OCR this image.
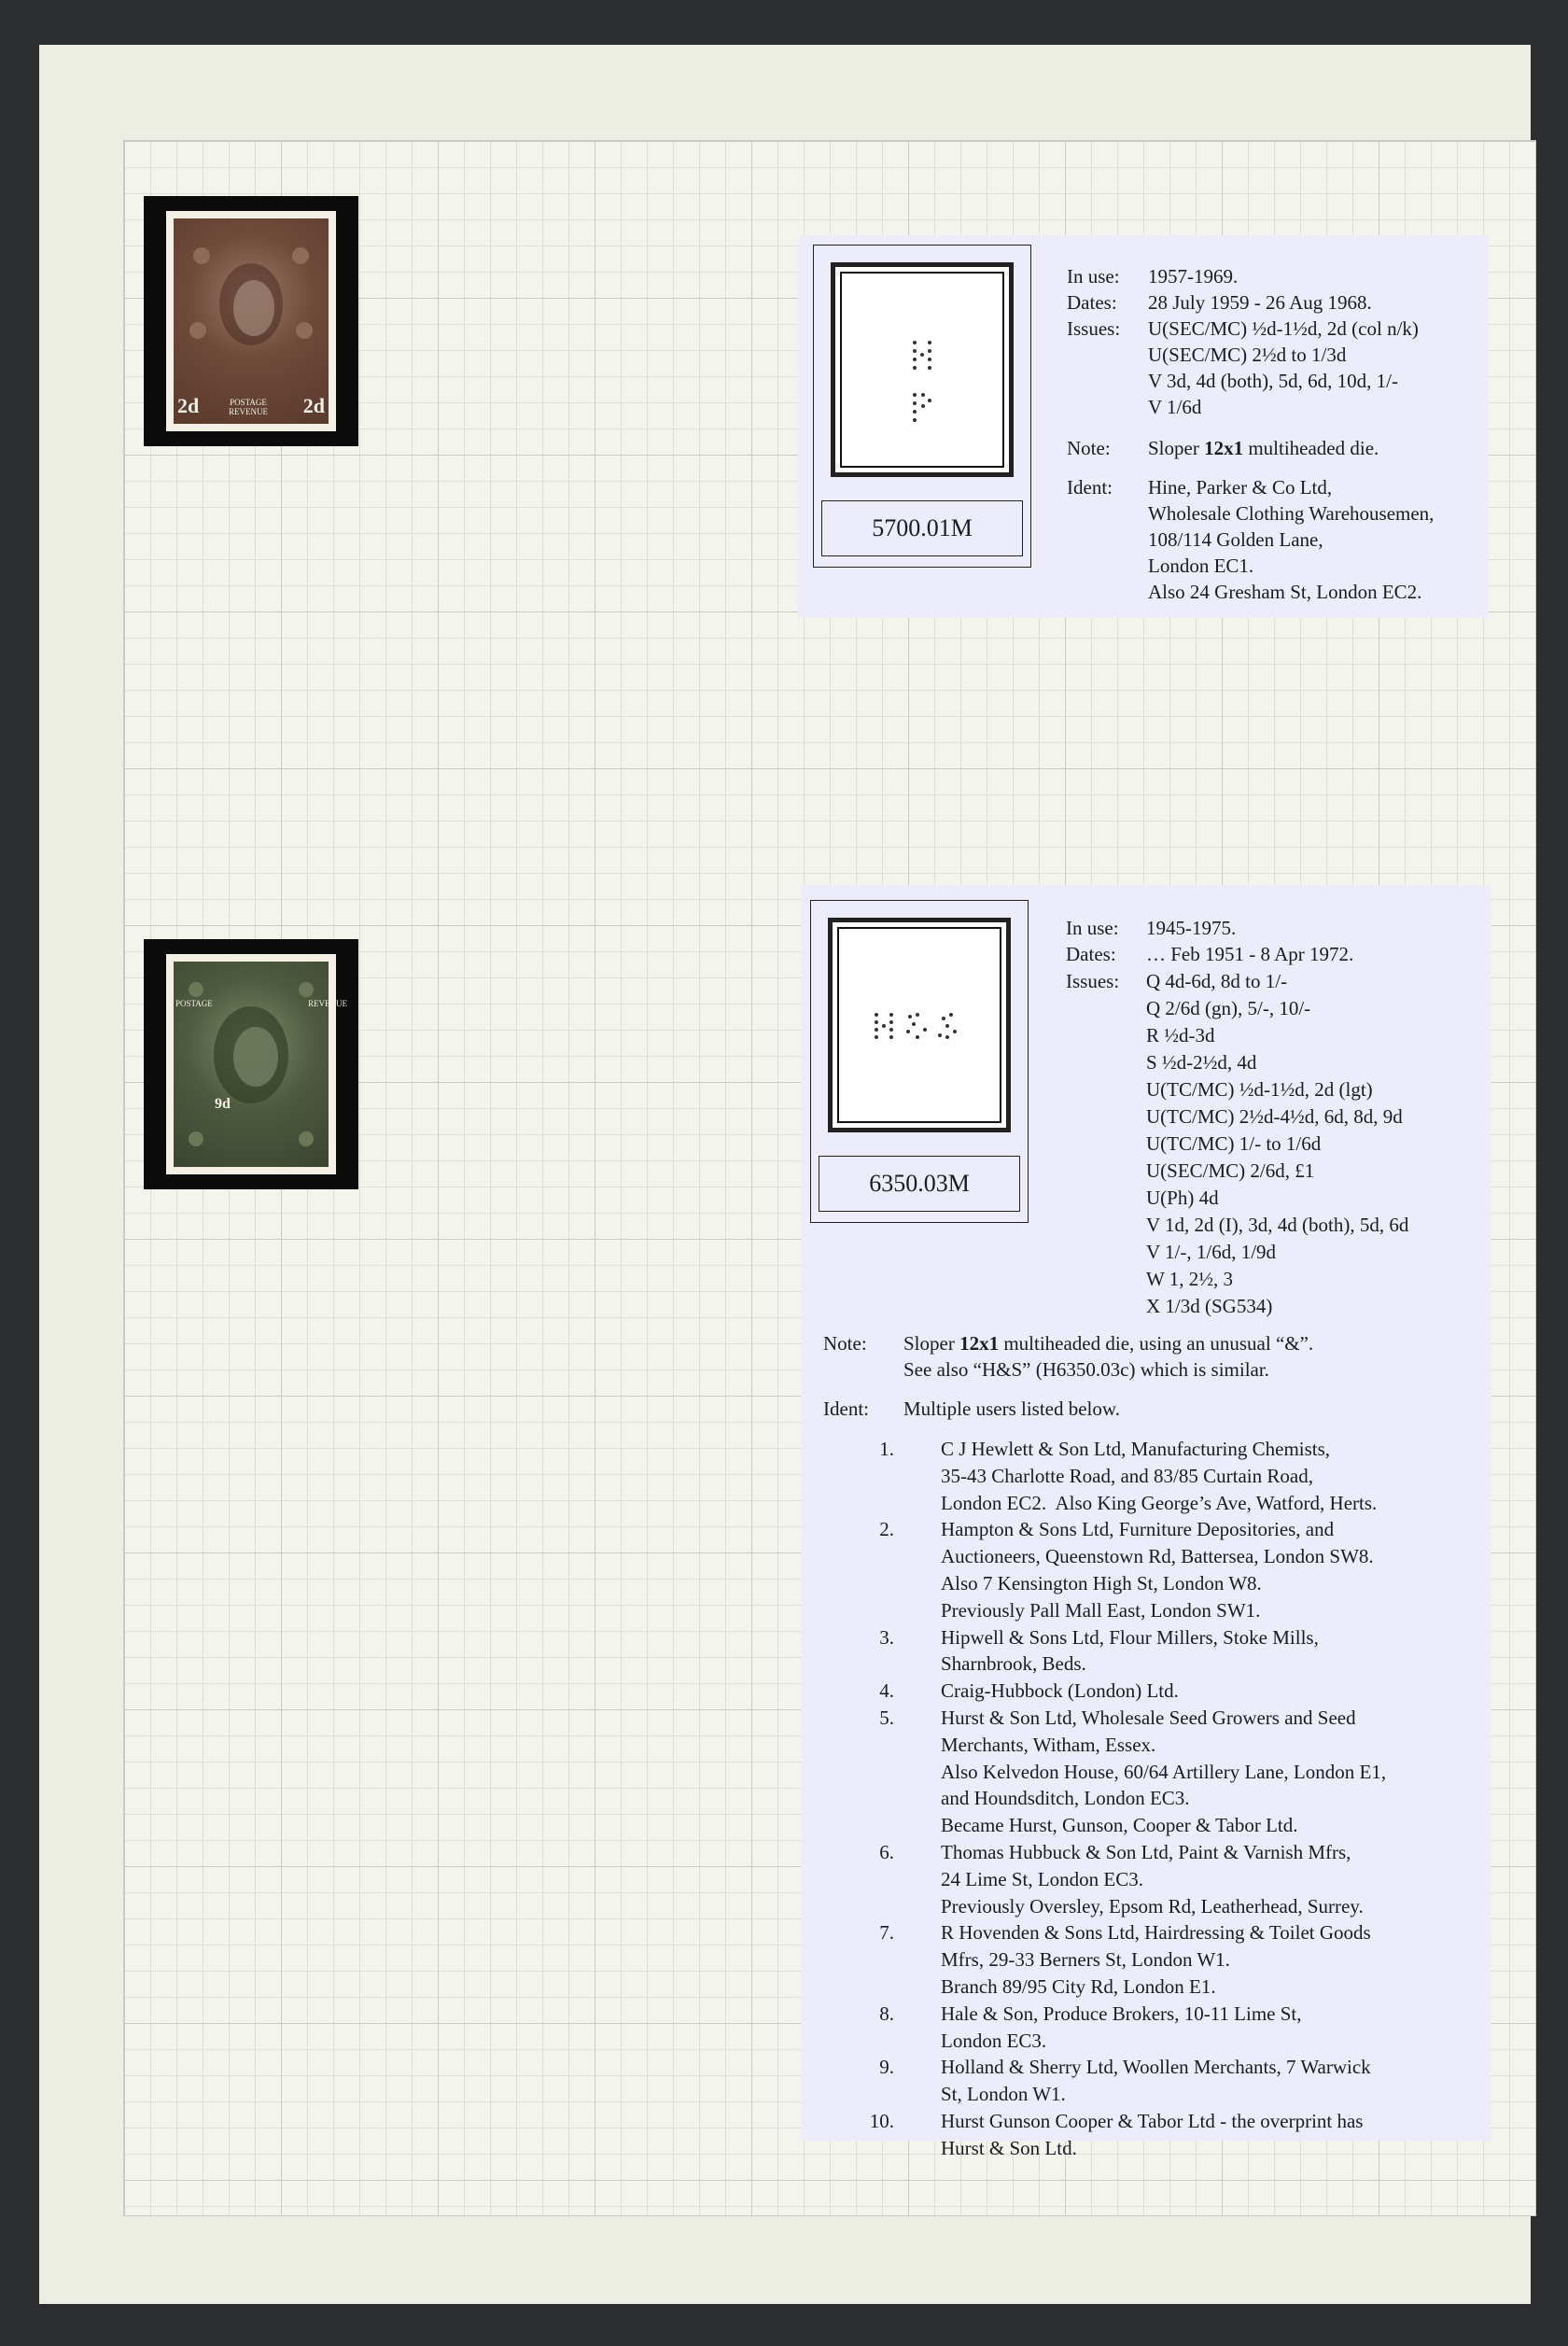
2d	2d
POSTAGE
REVENUE
9d
POSTAGE	REVENUE
5700.01M
In use: 1957-1969.
Dates: 28 July 1959 - 26 Aug 1968.
Issues: U(SEC/MC) ½d-1½d, 2d (col n/k)
U(SEC/MC) 2½d to 1/3d
V 3d, 4d (both), 5d, 6d, 10d, 1/-
V 1/6d
Note: Sloper 12x1 multiheaded die.
Ident: Hine, Parker & Co Ltd,
Wholesale Clothing Warehousemen,
108/114 Golden Lane,
London EC1.
Also 24 Gresham St, London EC2.
6350.03M
In use: 1945-1975.
Dates: … Feb 1951 - 8 Apr 1972.
Issues: Q 4d-6d, 8d to 1/-
Q 2/6d (gn), 5/-, 10/-
R ½d-3d
S ½d-2½d, 4d
U(TC/MC) ½d-1½d, 2d (lgt)
U(TC/MC) 2½d-4½d, 6d, 8d, 9d
U(TC/MC) 1/- to 1/6d
U(SEC/MC) 2/6d, £1
U(Ph) 4d
V 1d, 2d (I), 3d, 4d (both), 5d, 6d
V 1/-, 1/6d, 1/9d
W 1, 2½, 3
X 1/3d (SG534)
Note: Sloper 12x1 multiheaded die, using an unusual “&”.
See also “H&S” (H6350.03c) which is similar.
Ident: Multiple users listed below.
1. C J Hewlett & Son Ltd, Manufacturing Chemists,
35-43 Charlotte Road, and 83/85 Curtain Road,
London EC2.  Also King George’s Ave, Watford, Herts.
2. Hampton & Sons Ltd, Furniture Depositories, and
Auctioneers, Queenstown Rd, Battersea, London SW8.
Also 7 Kensington High St, London W8.
Previously Pall Mall East, London SW1.
3. Hipwell & Sons Ltd, Flour Millers, Stoke Mills,
Sharnbrook, Beds.
4. Craig-Hubbock (London) Ltd.
5. Hurst & Son Ltd, Wholesale Seed Growers and Seed
Merchants, Witham, Essex.
Also Kelvedon House, 60/64 Artillery Lane, London E1,
and Houndsditch, London EC3.
Became Hurst, Gunson, Cooper & Tabor Ltd.
6. Thomas Hubbuck & Son Ltd, Paint & Varnish Mfrs,
24 Lime St, London EC3.
Previously Oversley, Epsom Rd, Leatherhead, Surrey.
7. R Hovenden & Sons Ltd, Hairdressing & Toilet Goods
Mfrs, 29-33 Berners St, London W1.
Branch 89/95 City Rd, London E1.
8. Hale & Son, Produce Brokers, 10-11 Lime St,
London EC3.
9. Holland & Sherry Ltd, Woollen Merchants, 7 Warwick
St, London W1.
10. Hurst Gunson Cooper & Tabor Ltd - the overprint has
Hurst & Son Ltd.
